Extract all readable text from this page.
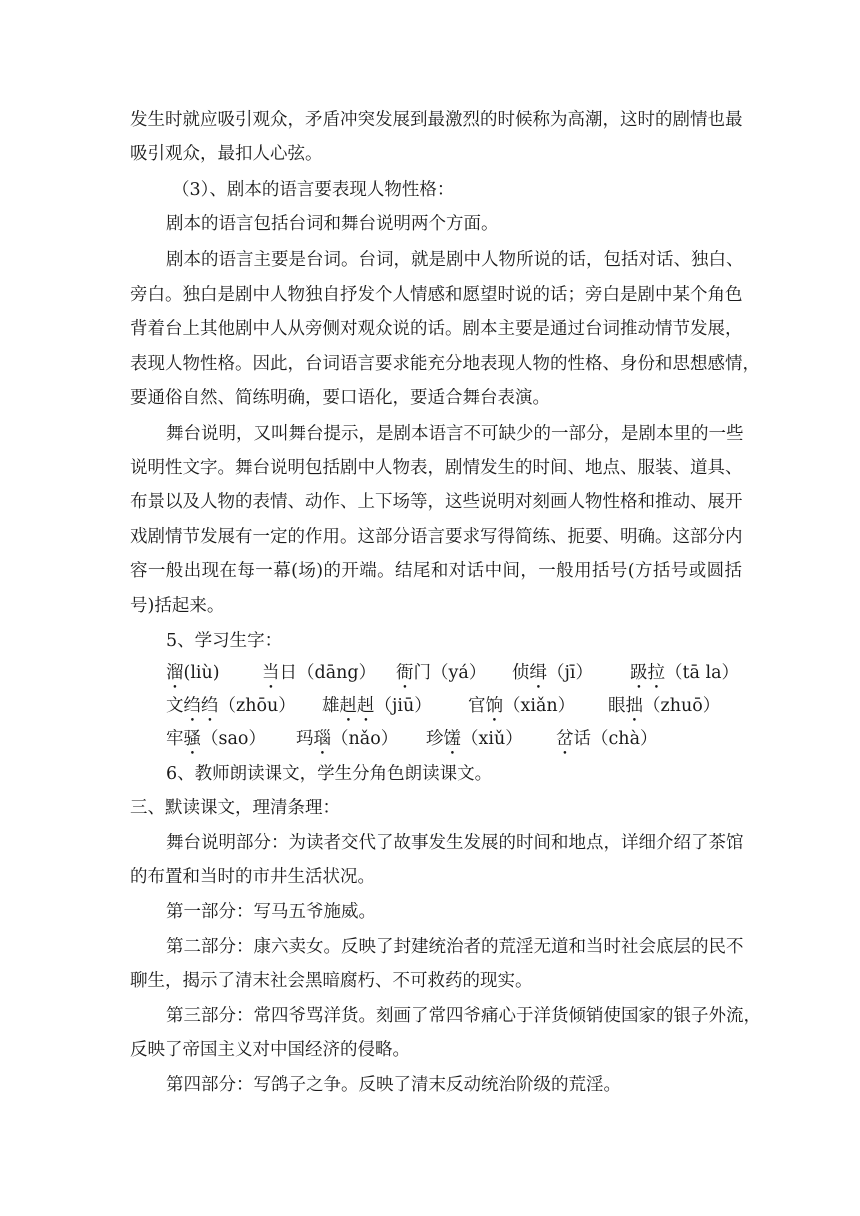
发生时就应吸引观众，矛盾冲突发展到最激烈的时候称为高潮，这时的剧情也最
吸引观众，最扣人心弦。
（3）、剧本的语言要表现人物性格：
剧本的语言包括台词和舞台说明两个方面。
剧本的语言主要是台词。台词，就是剧中人物所说的话，包括对话、独白、
旁白。独白是剧中人物独自抒发个人情感和愿望时说的话；旁白是剧中某个角色
背着台上其他剧中人从旁侧对观众说的话。剧本主要是通过台词推动情节发展，
表现人物性格。因此，台词语言要求能充分地表现人物的性格、身份和思想感情，
要通俗自然、简练明确，要口语化，要适合舞台表演。
舞台说明，又叫舞台提示，是剧本语言不可缺少的一部分，是剧本里的一些
说明性文字。舞台说明包括剧中人物表，剧情发生的时间、地点、服装、道具、
布景以及人物的表情、动作、上下场等，这些说明对刻画人物性格和推动、展开
戏剧情节发展有一定的作用。这部分语言要求写得简练、扼要、明确。这部分内
容一般出现在每一幕(场)的开端。结尾和对话中间，一般用括号(方括号或圆括
号)括起来。
5、学习生字：
溜(liù) 当日（dāng） 衙门（yá） 侦缉（jī） 趿拉（tā la）
文绉绉（zhōu） 雄赳赳（jiū） 官饷（xiǎn） 眼拙（zhuō）
牢骚（sao） 玛瑙（nǎo） 珍馐（xiǔ） 岔话（chà）
6、教师朗读课文，学生分角色朗读课文。
三、默读课文，理清条理：
舞台说明部分：为读者交代了故事发生发展的时间和地点，详细介绍了茶馆
的布置和当时的市井生活状况。
第一部分：写马五爷施威。
第二部分：康六卖女。反映了封建统治者的荒淫无道和当时社会底层的民不
聊生，揭示了清末社会黑暗腐朽、不可救药的现实。
第三部分：常四爷骂洋货。刻画了常四爷痛心于洋货倾销使国家的银子外流，
反映了帝国主义对中国经济的侵略。
第四部分：写鸽子之争。反映了清末反动统治阶级的荒淫。
